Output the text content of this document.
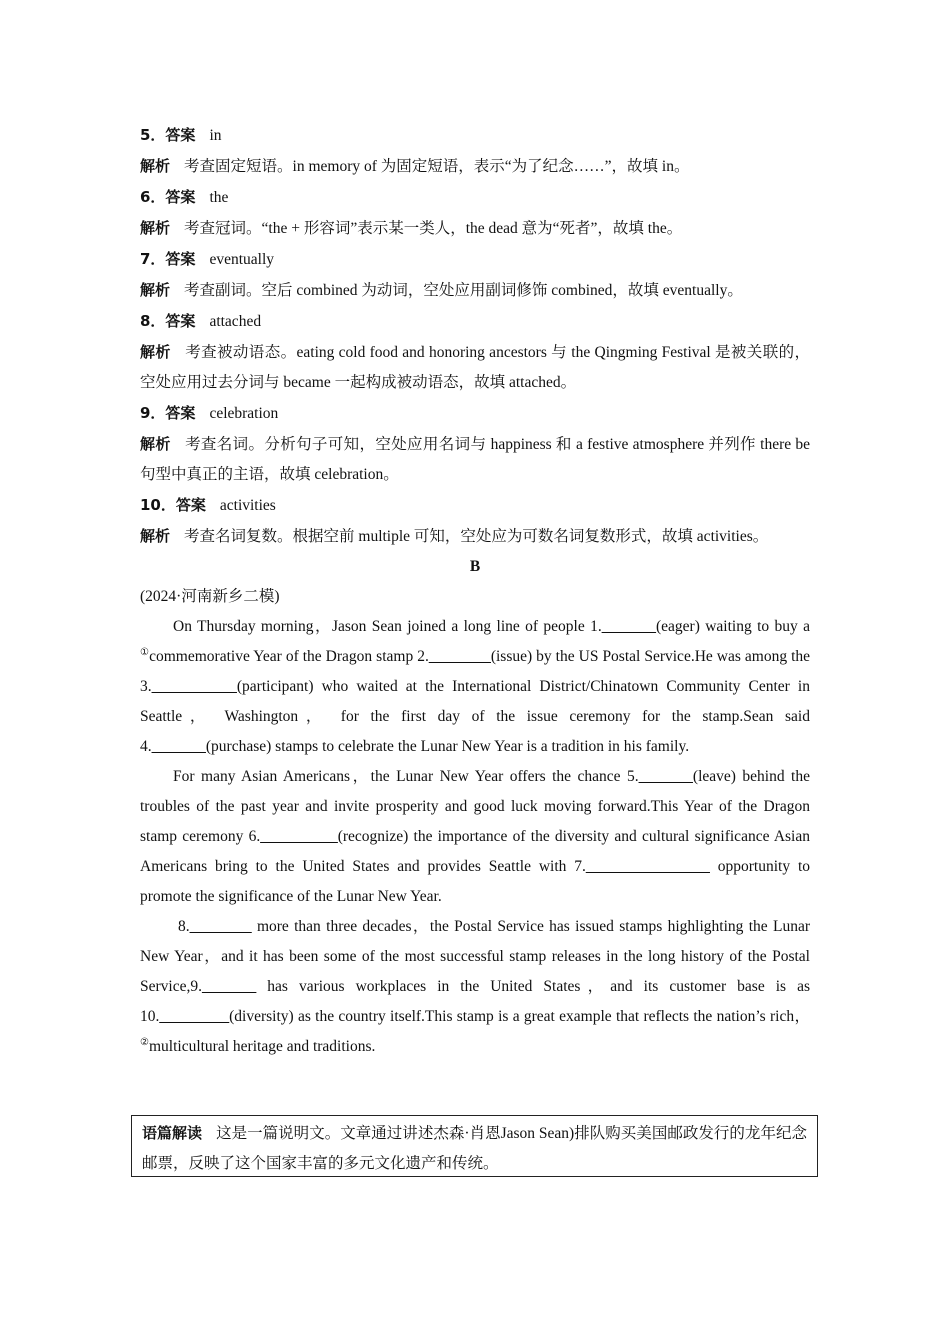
5．答案 in

解析 考查固定短语。in memory of 为固定短语，表示“为了纪念……”，故填 in。

6．答案 the

解析 考查冠词。“the + 形容词”表示某一类人，the dead 意为“死者”，故填 the。

7．答案 eventually

解析 考查副词。空后 combined 为动词，空处应用副词修饰 combined，故填 eventually。

8．答案 attached

解析 考查被动语态。eating cold food and honoring ancestors 与 the Qingming Festival 是被关联的，空处应用过去分词与 became 一起构成被动语态，故填 attached。

9．答案 celebration

解析 考查名词。分析句子可知，空处应用名词与 happiness 和 a festive atmosphere 并列作 there be 句型中真正的主语，故填 celebration。

10．答案 activities

解析 考查名词复数。根据空前 multiple 可知，空处应为可数名词复数形式，故填 activities。

B

(2024·河南新乡二模)

On Thursday morning，Jason Sean joined a long line of people 1._______(eager) waiting to buy a ①commemorative Year of the Dragon stamp 2.________(issue) by the US Postal Service.He was among the 3.___________(participant) who waited at the International District/Chinatown Community Center in Seattle， Washington， for the first day of the issue ceremony for the stamp.Sean said 4._______(purchase) stamps to celebrate the Lunar New Year is a tradition in his family.

For many Asian Americans，the Lunar New Year offers the chance 5._______(leave) behind the troubles of the past year and invite prosperity and good luck moving forward.This Year of the Dragon stamp ceremony 6.__________(recognize) the importance of the diversity and cultural significance Asian Americans bring to the United States and provides Seattle with 7.________________ opportunity to promote the significance of the Lunar New Year.

8.________ more than three decades，the Postal Service has issued stamps highlighting the Lunar New Year，and it has been some of the most successful stamp releases in the long history of the Postal Service,9._______ has various workplaces in the United States，and its customer base is as 10._________(diversity) as the country itself.This stamp is a great example that reflects the nation’s rich，②multicultural heritage and traditions.

语篇解读 这是一篇说明文。文章通过讲述杰森·肖恩Jason Sean)排队购买美国邮政发行的龙年纪念邮票，反映了这个国家丰富的多元文化遗产和传统。
